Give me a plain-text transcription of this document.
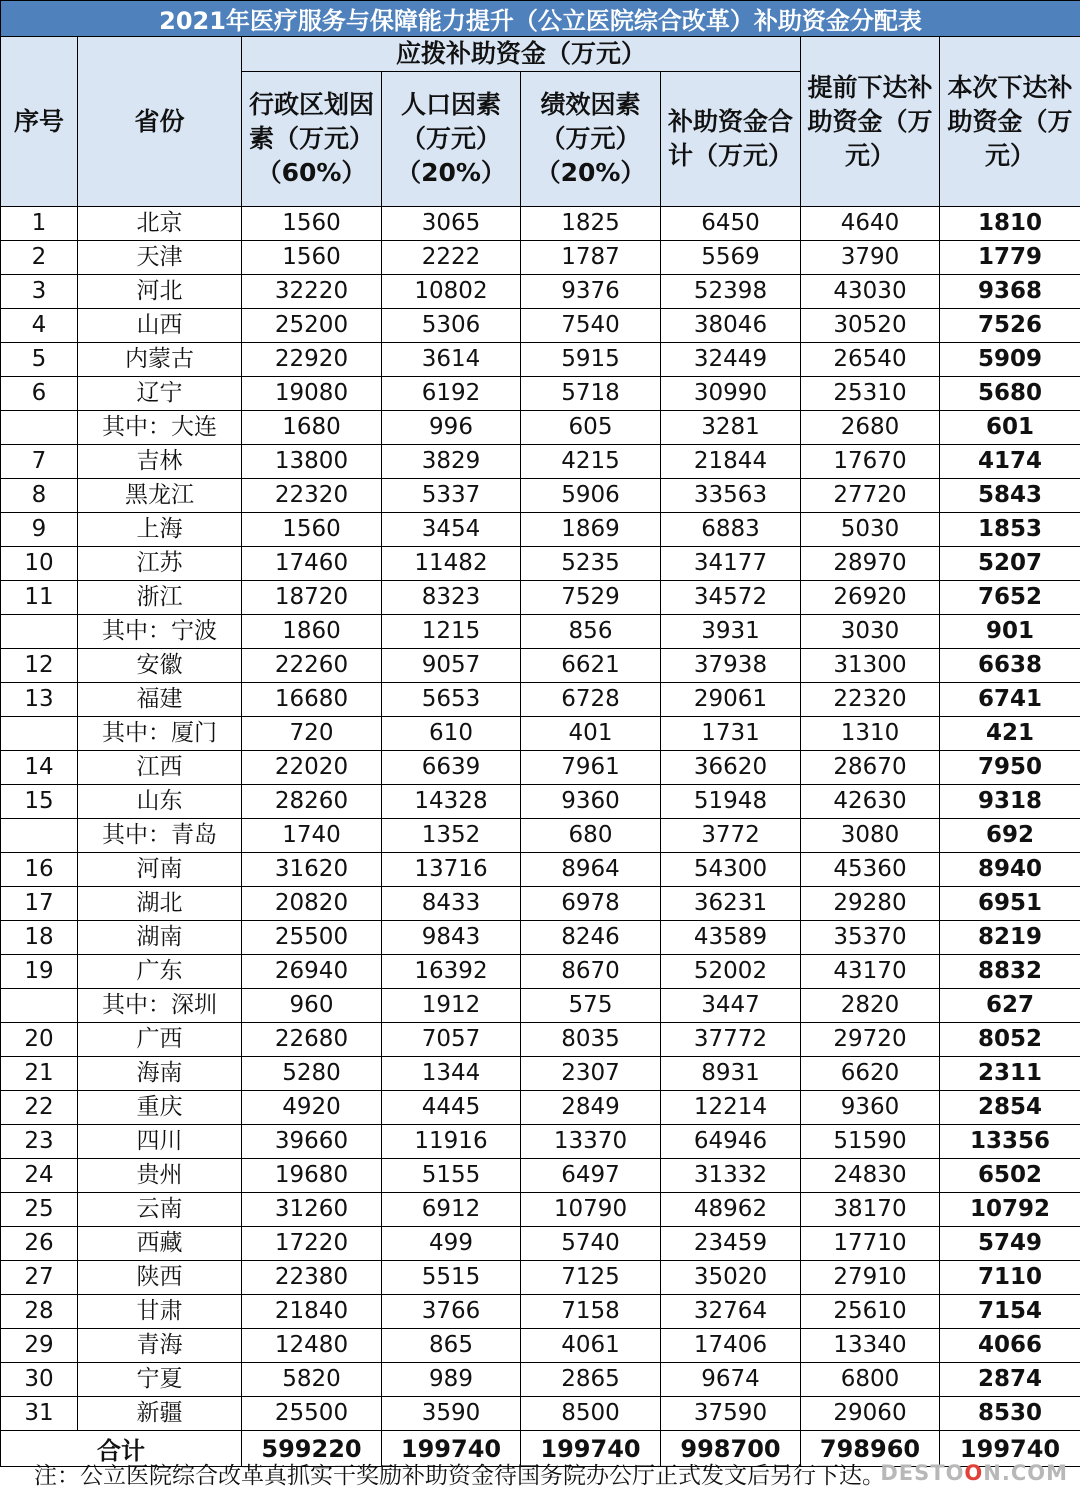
2021年医疗服务与保障能力提升（公立医院综合改革）补助资金分配表							
序号	省份	应拨补助资金（万元）				提前下达补助资金（万元）	本次下达补助资金（万元）
		行政区划因素（万元）（60%）	人口因素（万元）（20%）	绩效因素（万元）（20%）	补助资金合计（万元）		
1	北京	1560	3065	1825	6450	4640	1810
2	天津	1560	2222	1787	5569	3790	1779
3	河北	32220	10802	9376	52398	43030	9368
4	山西	25200	5306	7540	38046	30520	7526
5	内蒙古	22920	3614	5915	32449	26540	5909
6	辽宁	19080	6192	5718	30990	25310	5680
	其中：大连	1680	996	605	3281	2680	601
7	吉林	13800	3829	4215	21844	17670	4174
8	黑龙江	22320	5337	5906	33563	27720	5843
9	上海	1560	3454	1869	6883	5030	1853
10	江苏	17460	11482	5235	34177	28970	5207
11	浙江	18720	8323	7529	34572	26920	7652
	其中：宁波	1860	1215	856	3931	3030	901
12	安徽	22260	9057	6621	37938	31300	6638
13	福建	16680	5653	6728	29061	22320	6741
	其中：厦门	720	610	401	1731	1310	421
14	江西	22020	6639	7961	36620	28670	7950
15	山东	28260	14328	9360	51948	42630	9318
	其中：青岛	1740	1352	680	3772	3080	692
16	河南	31620	13716	8964	54300	45360	8940
17	湖北	20820	8433	6978	36231	29280	6951
18	湖南	25500	9843	8246	43589	35370	8219
19	广东	26940	16392	8670	52002	43170	8832
	其中：深圳	960	1912	575	3447	2820	627
20	广西	22680	7057	8035	37772	29720	8052
21	海南	5280	1344	2307	8931	6620	2311
22	重庆	4920	4445	2849	12214	9360	2854
23	四川	39660	11916	13370	64946	51590	13356
24	贵州	19680	5155	6497	31332	24830	6502
25	云南	31260	6912	10790	48962	38170	10792
26	西藏	17220	499	5740	23459	17710	5749
27	陕西	22380	5515	7125	35020	27910	7110
28	甘肃	21840	3766	7158	32764	25610	7154
29	青海	12480	865	4061	17406	13340	4066
30	宁夏	5820	989	2865	9674	6800	2874
31	新疆	25500	3590	8500	37590	29060	8530
合计		599220	199740	199740	998700	798960	199740
注：公立医院综合改革真抓实干奖励补助资金待国务院办公厅正式发文后另行下达。
DESTOON.COM
